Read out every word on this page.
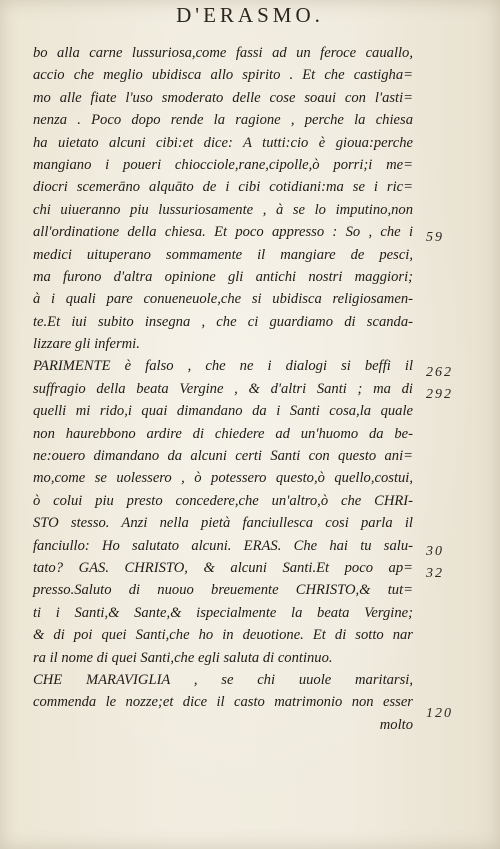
D'ERASMO.
bo alla carne lussuriosa,come fassi ad un feroce cauallo,
accio che meglio ubidisca allo spirito . Et che castigha=
mo alle fiate l'uso smoderato delle cose soaui con l'asti=
nenza . Poco dopo rende la ragione , perche la chiesa
ha uietato alcuni cibi:et dice: A tutti:cio è gioua:perche
mangiano i poueri chiocciole,rane,cipolle,ò porri;i me=
diocri scemerāno alquāto de i cibi cotidiani:ma se i ric=
chi uiueranno piu lussuriosamente , à se lo imputino,non
all'ordinatione della chiesa. Et poco appresso : So , che i
medici uituperano sommamente il mangiare de pesci,
ma furono d'altra opinione gli antichi nostri maggiori;
à i quali pare conueneuole,che si ubidisca religiosamen-
te.Et iui subito insegna , che ci guardiamo di scanda-
lizzare gli infermi.
PARIMENTE è falso , che ne i dialogi si beffi il
suffragio della beata Vergine , & d'altri Santi ; ma di
quelli mi rido,i quai dimandano da i Santi cosa,la quale
non haurebbono ardire di chiedere ad un'huomo da be-
ne:ouero dimandano da alcuni certi Santi con questo ani=
mo,come se uolessero , ò potessero questo,ò quello,costui,
ò colui piu presto concedere,che un'altro,ò che CHRI-
STO stesso. Anzi nella pietà fanciullesca cosi parla il
fanciullo: Ho salutato alcuni. ERAS. Che hai tu salu-
tato? GAS. CHRISTO, & alcuni Santi.Et poco ap=
presso.Saluto di nuouo breuemente CHRISTO,& tut=
ti i Santi,& Sante,& ispecialmente la beata Vergine;
& di poi quei Santi,che ho in deuotione. Et di sotto nar
ra il nome di quei Santi,che egli saluta di continuo.
CHE MARAVIGLIA , se chi uuole maritarsi,
commenda le nozze;et dice il casto matrimonio non esser
molto
59
262
292
30
32
120
